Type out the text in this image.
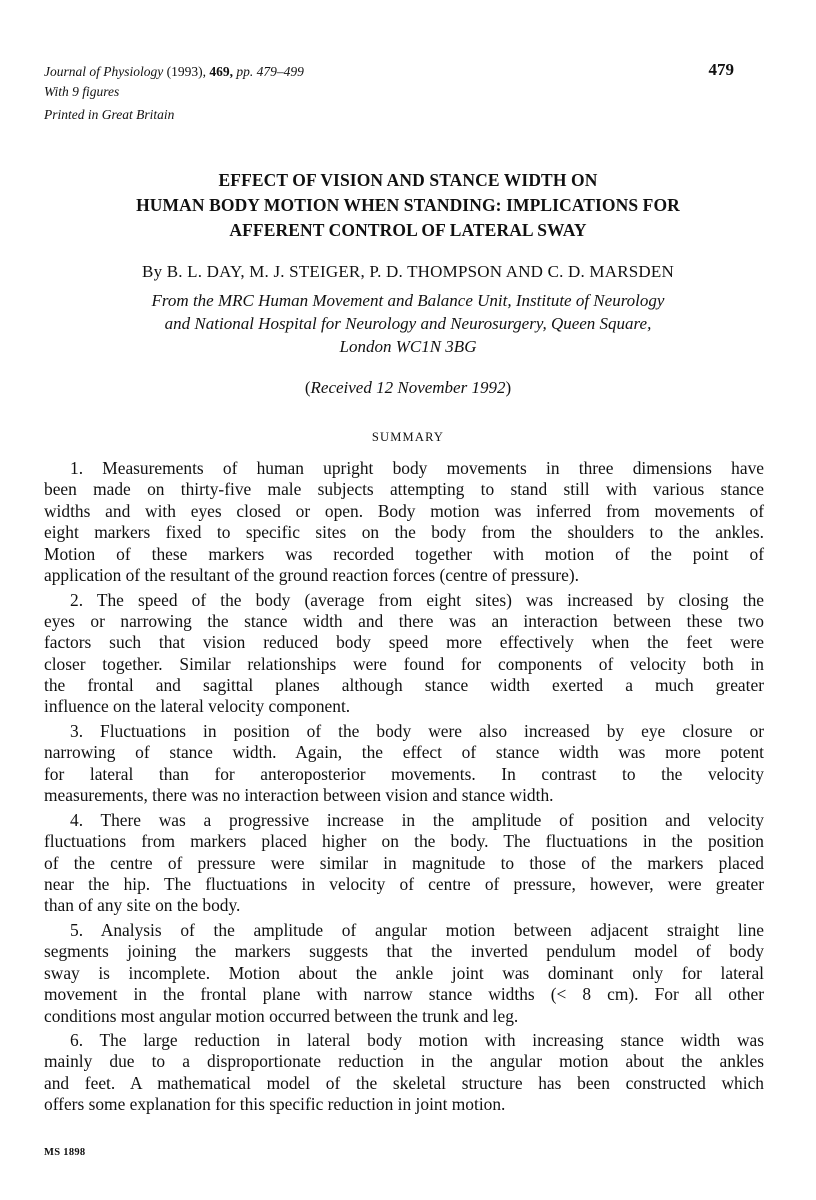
Journal of Physiology (1993), 469, pp. 479–499
With 9 figures
Printed in Great Britain
479
EFFECT OF VISION AND STANCE WIDTH ON
HUMAN BODY MOTION WHEN STANDING: IMPLICATIONS FOR
AFFERENT CONTROL OF LATERAL SWAY
By B. L. DAY, M. J. STEIGER, P. D. THOMPSON AND C. D. MARSDEN
From the MRC Human Movement and Balance Unit, Institute of Neurology
and National Hospital for Neurology and Neurosurgery, Queen Square,
London WC1N 3BG
(Received 12 November 1992)
SUMMARY
1. Measurements of human upright body movements in three dimensions have
been made on thirty-five male subjects attempting to stand still with various stance
widths and with eyes closed or open. Body motion was inferred from movements of
eight markers fixed to specific sites on the body from the shoulders to the ankles.
Motion of these markers was recorded together with motion of the point of
application of the resultant of the ground reaction forces (centre of pressure).
2. The speed of the body (average from eight sites) was increased by closing the
eyes or narrowing the stance width and there was an interaction between these two
factors such that vision reduced body speed more effectively when the feet were
closer together. Similar relationships were found for components of velocity both in
the frontal and sagittal planes although stance width exerted a much greater
influence on the lateral velocity component.
3. Fluctuations in position of the body were also increased by eye closure or
narrowing of stance width. Again, the effect of stance width was more potent
for lateral than for anteroposterior movements. In contrast to the velocity
measurements, there was no interaction between vision and stance width.
4. There was a progressive increase in the amplitude of position and velocity
fluctuations from markers placed higher on the body. The fluctuations in the position
of the centre of pressure were similar in magnitude to those of the markers placed
near the hip. The fluctuations in velocity of centre of pressure, however, were greater
than of any site on the body.
5. Analysis of the amplitude of angular motion between adjacent straight line
segments joining the markers suggests that the inverted pendulum model of body
sway is incomplete. Motion about the ankle joint was dominant only for lateral
movement in the frontal plane with narrow stance widths (< 8 cm). For all other
conditions most angular motion occurred between the trunk and leg.
6. The large reduction in lateral body motion with increasing stance width was
mainly due to a disproportionate reduction in the angular motion about the ankles
and feet. A mathematical model of the skeletal structure has been constructed which
offers some explanation for this specific reduction in joint motion.
MS 1898
